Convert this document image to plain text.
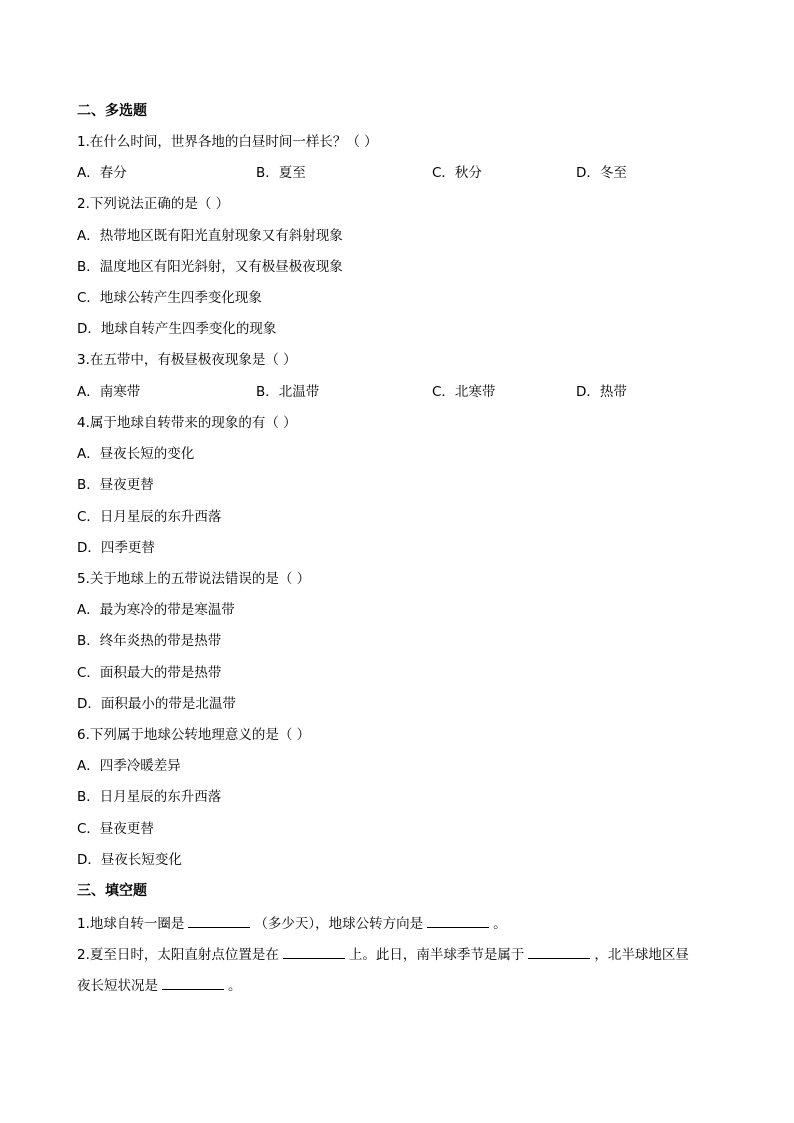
二、多选题
1.在什么时间，世界各地的白昼时间一样长？（ ）
A．春分	B．夏至	C．秋分	D．冬至
2.下列说法正确的是（ ）
A．热带地区既有阳光直射现象又有斜射现象
B．温度地区有阳光斜射，又有极昼极夜现象
C．地球公转产生四季变化现象
D．地球自转产生四季变化的现象
3.在五带中，有极昼极夜现象是（ ）
A．南寒带	B．北温带	C．北寒带	D．热带
4.属于地球自转带来的现象的有（ ）
A．昼夜长短的变化
B．昼夜更替
C．日月星辰的东升西落
D．四季更替
5.关于地球上的五带说法错误的是（ ）
A．最为寒冷的带是寒温带
B．终年炎热的带是热带
C．面积最大的带是热带
D．面积最小的带是北温带
6.下列属于地球公转地理意义的是（ ）
A．四季冷暖差异
B．日月星辰的东升西落
C．昼夜更替
D．昼夜长短变化
三、填空题
1.地球自转一圈是	（多少天），地球公转方向是	。
2.夏至日时，太阳直射点位置是在	上。此日，南半球季节是属于	，北半球地区昼
夜长短状况是	。
